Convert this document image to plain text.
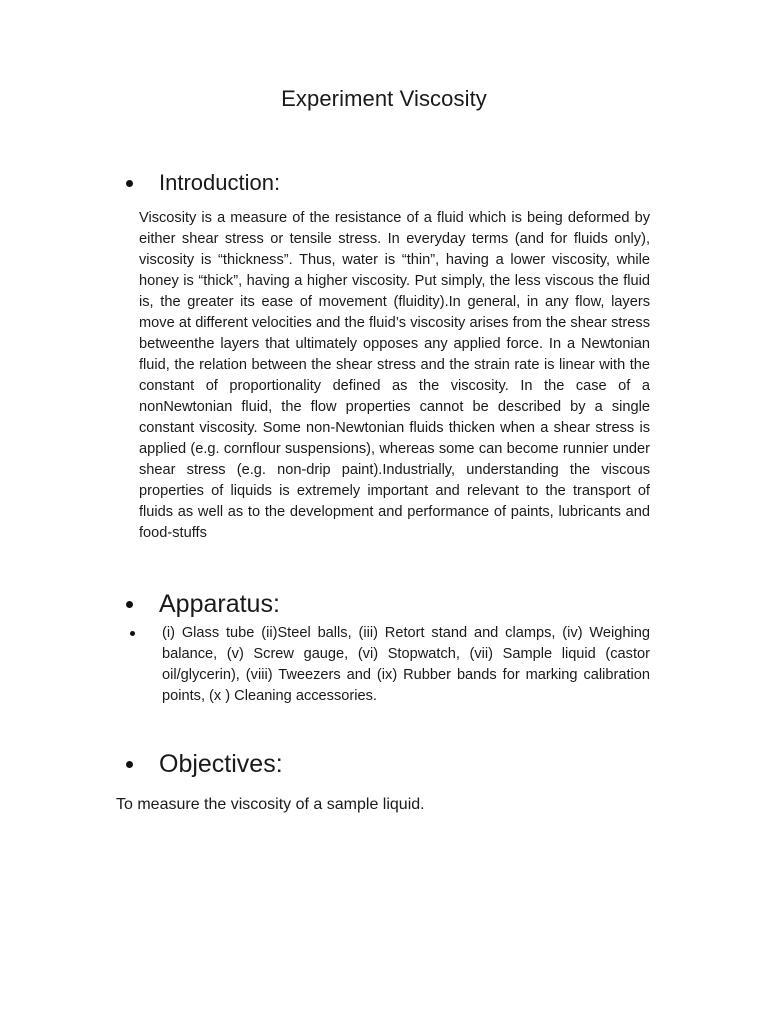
Experiment Viscosity
Introduction:
Viscosity is a measure of the resistance of a fluid which is being deformed by either shear stress or tensile stress. In everyday terms (and for fluids only), viscosity is “thickness”. Thus, water is “thin”, having a lower viscosity, while honey is “thick”, having a higher viscosity. Put simply, the less viscous the fluid is, the greater its ease of movement (fluidity).In general, in any flow, layers move at different velocities and the fluid’s viscosity arises from the shear stress betweenthe layers that ultimately opposes any applied force. In a Newtonian fluid, the relation between the shear stress and the strain rate is linear with the constant of proportionality defined as the viscosity. In the case of a nonNewtonian fluid, the flow properties cannot be described by a single constant viscosity. Some non-Newtonian fluids thicken when a shear stress is applied (e.g. cornflour suspensions), whereas some can become runnier under shear stress (e.g. non-drip paint).Industrially, understanding the viscous properties of liquids is extremely important and relevant to the transport of fluids as well as to the development and performance of paints, lubricants and food-stuffs
Apparatus:
(i) Glass tube (ii)Steel balls, (iii) Retort stand and clamps, (iv) Weighing balance, (v) Screw gauge, (vi) Stopwatch, (vii) Sample liquid (castor oil/glycerin), (viii) Tweezers and (ix) Rubber bands for marking calibration points, (x ) Cleaning accessories.
Objectives:
To measure the viscosity of a sample liquid.
